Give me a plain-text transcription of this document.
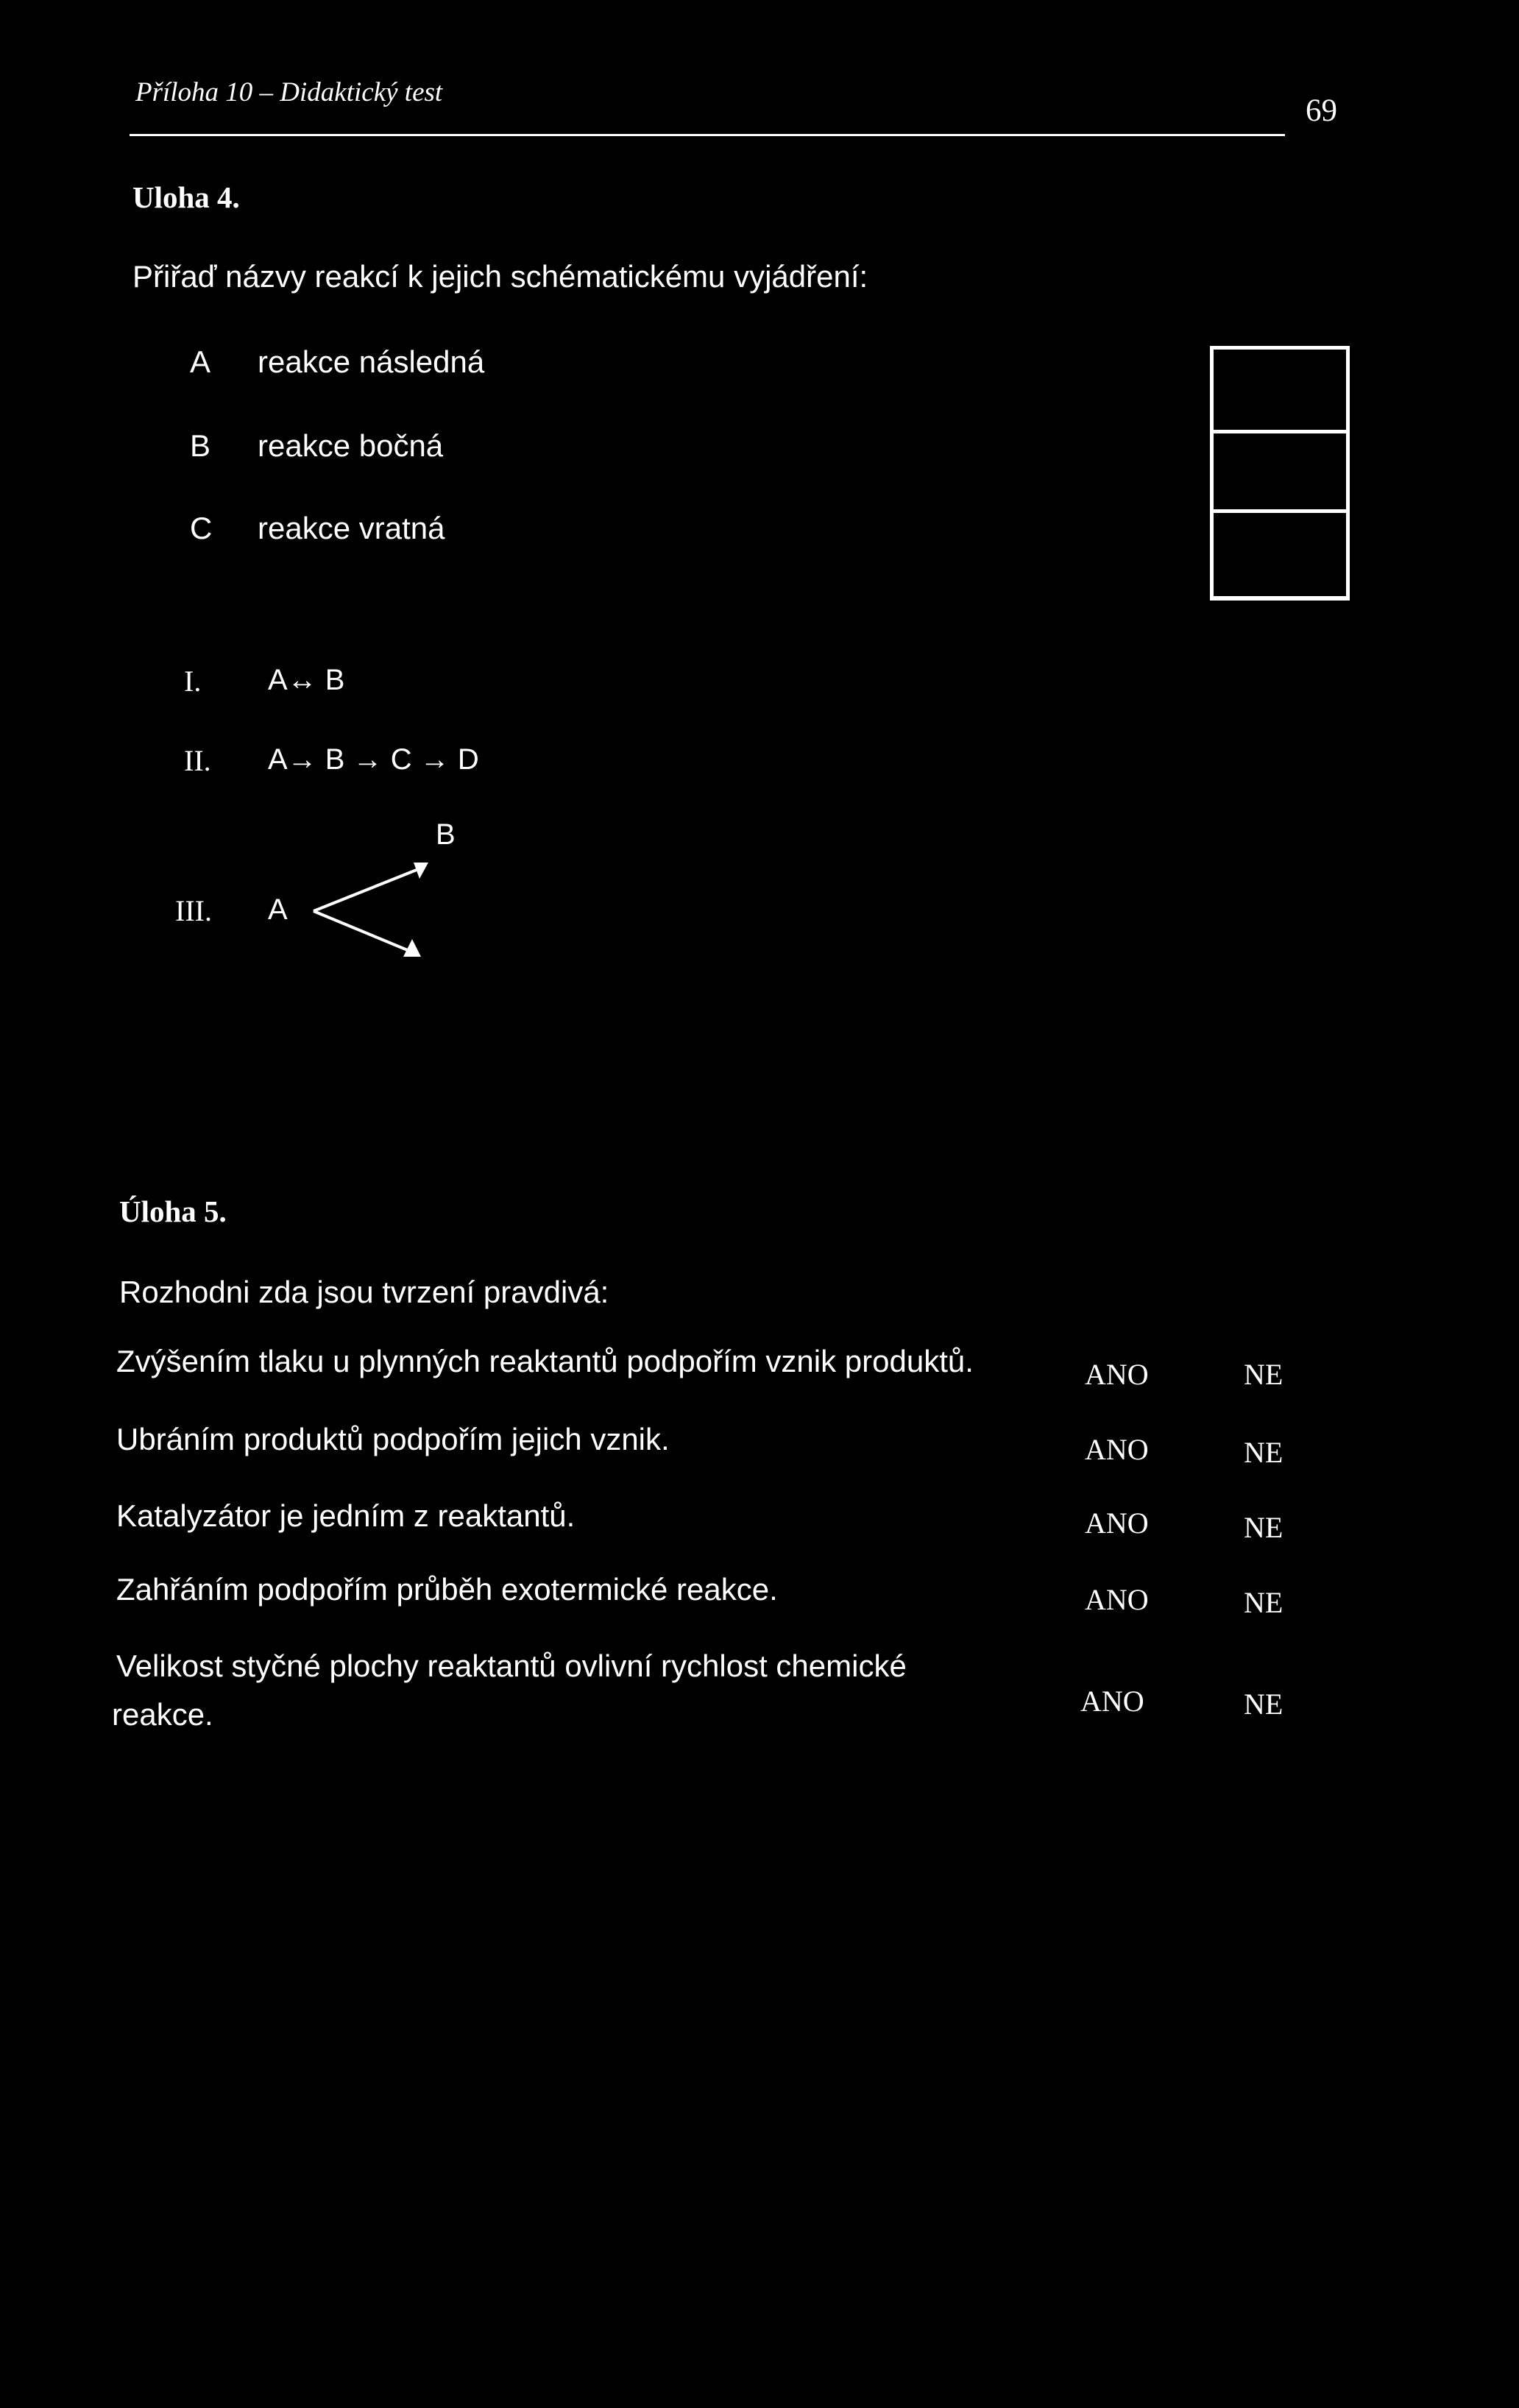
Příloha 10 – Didaktický test
69
Uloha 4.
Přiřaď názvy reakcí k jejich schématickému vyjádření:
A reakce následná
B reakce bočná
C reakce vratná
I. A↔ B
II. A→ B → C → D
B
III. A
Úloha 5.
Rozhodni zda jsou tvrzení pravdivá:
Zvýšením tlaku u plynných reaktantů podpořím vznik produktů.	ANO	NE
Ubráním produktů podpořím jejich vznik.	ANO	NE
Katalyzátor je jedním z reaktantů.	ANO	NE
Zahřáním podpořím průběh exotermické reakce.	ANO	NE
Velikost styčné plochy reaktantů ovlivní rychlost chemické
reakce.	ANO	NE
